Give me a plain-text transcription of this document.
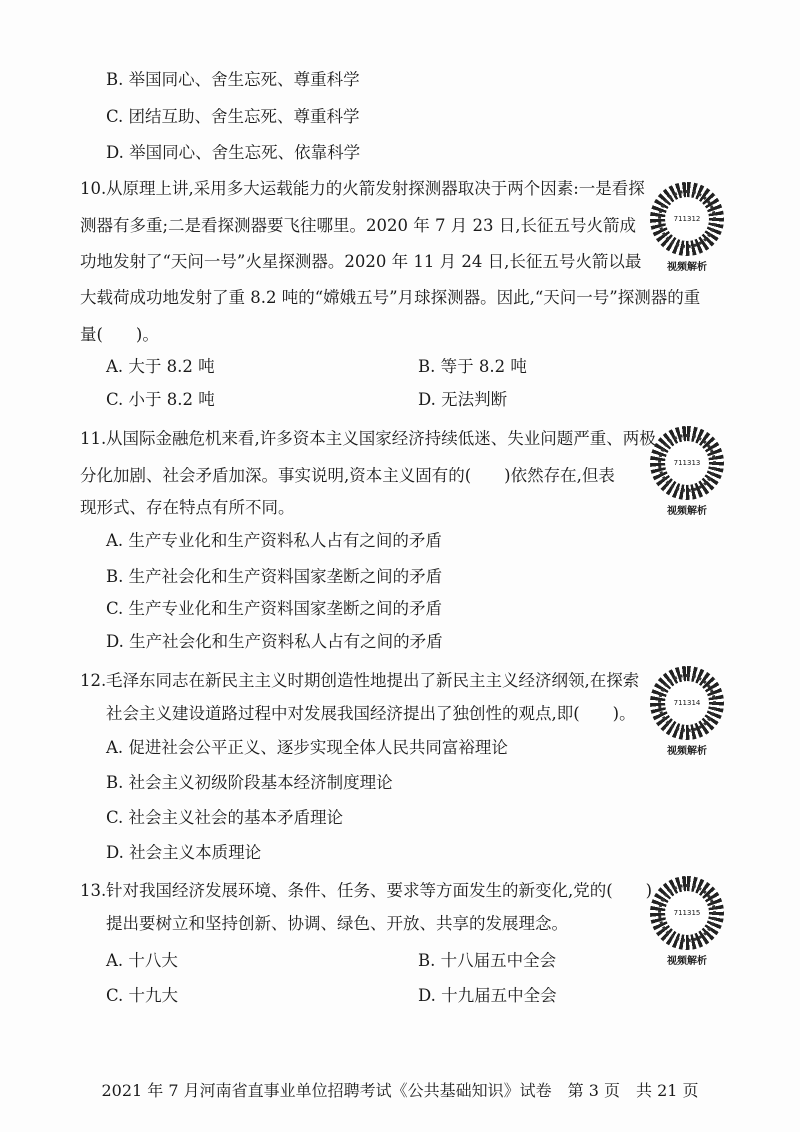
B. 举国同心、舍生忘死、尊重科学
C. 团结互助、舍生忘死、尊重科学
D. 举国同心、舍生忘死、依靠科学
10. 从原理上讲,采用多大运载能力的火箭发射探测器取决于两个因素:一是看探
测器有多重;二是看探测器要飞往哪里。2020 年 7 月 23 日,长征五号火箭成
功地发射了“天问一号”火星探测器。2020 年 11 月 24 日,长征五号火箭以最
大载荷成功地发射了重 8.2 吨的“嫦娥五号”月球探测器。因此,“天问一号”探测器的重
量(　　)。
A. 大于 8.2 吨	B. 等于 8.2 吨
C. 小于 8.2 吨	D. 无法判断
711312
视频解析
11. 从国际金融危机来看,许多资本主义国家经济持续低迷、失业问题严重、两极
分化加剧、社会矛盾加深。事实说明,资本主义固有的(　　)依然存在,但表
现形式、存在特点有所不同。
A. 生产专业化和生产资料私人占有之间的矛盾
B. 生产社会化和生产资料国家垄断之间的矛盾
C. 生产专业化和生产资料国家垄断之间的矛盾
D. 生产社会化和生产资料私人占有之间的矛盾
711313
视频解析
12. 毛泽东同志在新民主主义时期创造性地提出了新民主主义经济纲领,在探索
社会主义建设道路过程中对发展我国经济提出了独创性的观点,即(　　)。
A. 促进社会公平正义、逐步实现全体人民共同富裕理论
B. 社会主义初级阶段基本经济制度理论
C. 社会主义社会的基本矛盾理论
D. 社会主义本质理论
711314
视频解析
13. 针对我国经济发展环境、条件、任务、要求等方面发生的新变化,党的(　　)
提出要树立和坚持创新、协调、绿色、开放、共享的发展理念。
A. 十八大	B. 十八届五中全会
C. 十九大	D. 十九届五中全会
711315
视频解析
2021 年 7 月河南省直事业单位招聘考试《公共基础知识》试卷　第 3 页　共 21 页
